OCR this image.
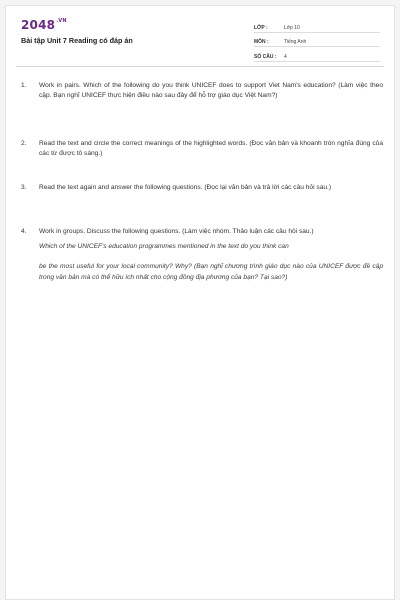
$2048^{.VN}$
Bài tập Unit 7 Reading có đáp án
LỚP :	Lớp 10
MÔN :	Tiếng Anh
SỐ CÂU : 4
1.	Work in pairs. Which of the following do you think UNICEF does to support Viet Nam's education? (Làm việc theo cặp. Bạn nghĩ UNICEF thực hiện điều nào sau đây để hỗ trợ giáo dục Việt Nam?)
2.	Read the text and circle the correct meanings of the highlighted words. (Đọc văn bản và khoanh tròn nghĩa đúng của các từ được tô sáng.)
3.	Read the text again and answer the following questions. (Đọc lại văn bản và trả lời các câu hỏi sau.)
4.	Work in groups. Discuss the following questions. (Làm việc nhóm. Thảo luận các câu hỏi sau.)
Which of the UNICEF's education programmes mentioned in the text do you think can
be the most useful for your local community? Why? (Bạn nghĩ chương trình giáo dục nào của UNICEF được đề cập trong văn bản mà có thể hữu ích nhất cho cộng đồng địa phương của bạn? Tại sao?)
